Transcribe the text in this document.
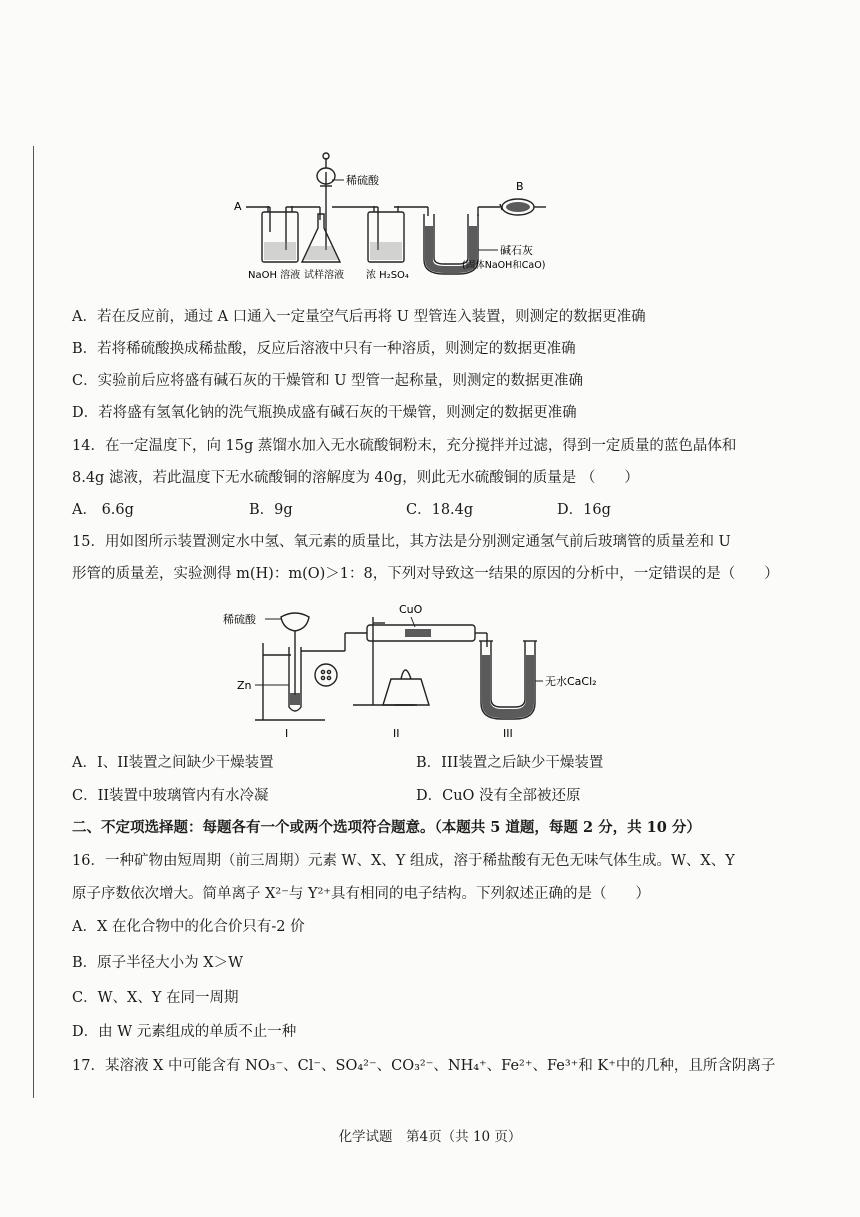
稀硫酸
A
B
碱石灰
(固体NaOH和CaO)
NaOH 溶液 试样溶液 浓 H₂SO₄
A．若在反应前，通过 A 口通入一定量空气后再将 U 型管连入装置，则测定的数据更准确
B．若将稀硫酸换成稀盐酸，反应后溶液中只有一种溶质，则测定的数据更准确
C．实验前后应将盛有碱石灰的干燥管和 U 型管一起称量，则测定的数据更准确
D．若将盛有氢氧化钠的洗气瓶换成盛有碱石灰的干燥管，则测定的数据更准确
14．在一定温度下，向 15g 蒸馏水加入无水硫酸铜粉末，充分搅拌并过滤，得到一定质量的蓝色晶体和
8.4g 滤液，若此温度下无水硫酸铜的溶解度为 40g，则此无水硫酸铜的质量是 （　　）
A． 6.6g	B．9g	C．18.4g	D．16g
15．用如图所示装置测定水中氢、氧元素的质量比，其方法是分别测定通氢气前后玻璃管的质量差和 U
形管的质量差，实验测得 m(H)：m(O)＞1：8，下列对导致这一结果的原因的分析中，一定错误的是（　　）
稀硫酸
Zn
CuO
无水CaCl₂
I	II	III
A．I、II装置之间缺少干燥装置	B．III装置之后缺少干燥装置
C．II装置中玻璃管内有水冷凝	D．CuO 没有全部被还原
二、不定项选择题：每题各有一个或两个选项符合题意。（本题共 5 道题，每题 2 分，共 10 分）
16．一种矿物由短周期（前三周期）元素 W、X、Y 组成，溶于稀盐酸有无色无味气体生成。W、X、Y
原子序数依次增大。简单离子 X²⁻与 Y²⁺具有相同的电子结构。下列叙述正确的是（　　）
A．X 在化合物中的化合价只有-2 价
B．原子半径大小为 X＞W
C．W、X、Y 在同一周期
D．由 W 元素组成的单质不止一种
17．某溶液 X 中可能含有 NO₃⁻、Cl⁻、SO₄²⁻、CO₃²⁻、NH₄⁺、Fe²⁺、Fe³⁺和 K⁺中的几种，且所含阴离子
化学试题　第4页（共 10 页）
